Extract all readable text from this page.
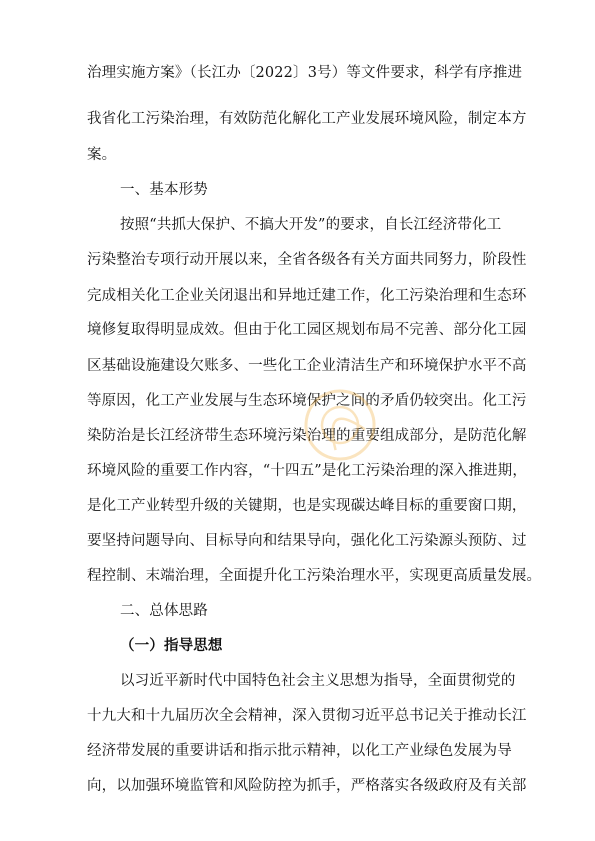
治理实施方案》（长江办〔2022〕3号）等文件要求，科学有序推进
我省化工污染治理，有效防范化解化工产业发展环境风险，制定本方
案。
一、基本形势
按照“共抓大保护、不搞大开发”的要求，自长江经济带化工
污染整治专项行动开展以来，全省各级各有关方面共同努力，阶段性
完成相关化工企业关闭退出和异地迁建工作，化工污染治理和生态环
境修复取得明显成效。但由于化工园区规划布局不完善、部分化工园
区基础设施建设欠账多、一些化工企业清洁生产和环境保护水平不高
等原因，化工产业发展与生态环境保护之间的矛盾仍较突出。化工污
染防治是长江经济带生态环境污染治理的重要组成部分，是防范化解
环境风险的重要工作内容，“十四五”是化工污染治理的深入推进期，
是化工产业转型升级的关键期，也是实现碳达峰目标的重要窗口期，
要坚持问题导向、目标导向和结果导向，强化化工污染源头预防、过
程控制、末端治理，全面提升化工污染治理水平，实现更高质量发展。
二、总体思路
（一）指导思想
以习近平新时代中国特色社会主义思想为指导，全面贯彻党的
十九大和十九届历次全会精神，深入贯彻习近平总书记关于推动长江
经济带发展的重要讲话和指示批示精神，以化工产业绿色发展为导
向，以加强环境监管和风险防控为抓手，严格落实各级政府及有关部
